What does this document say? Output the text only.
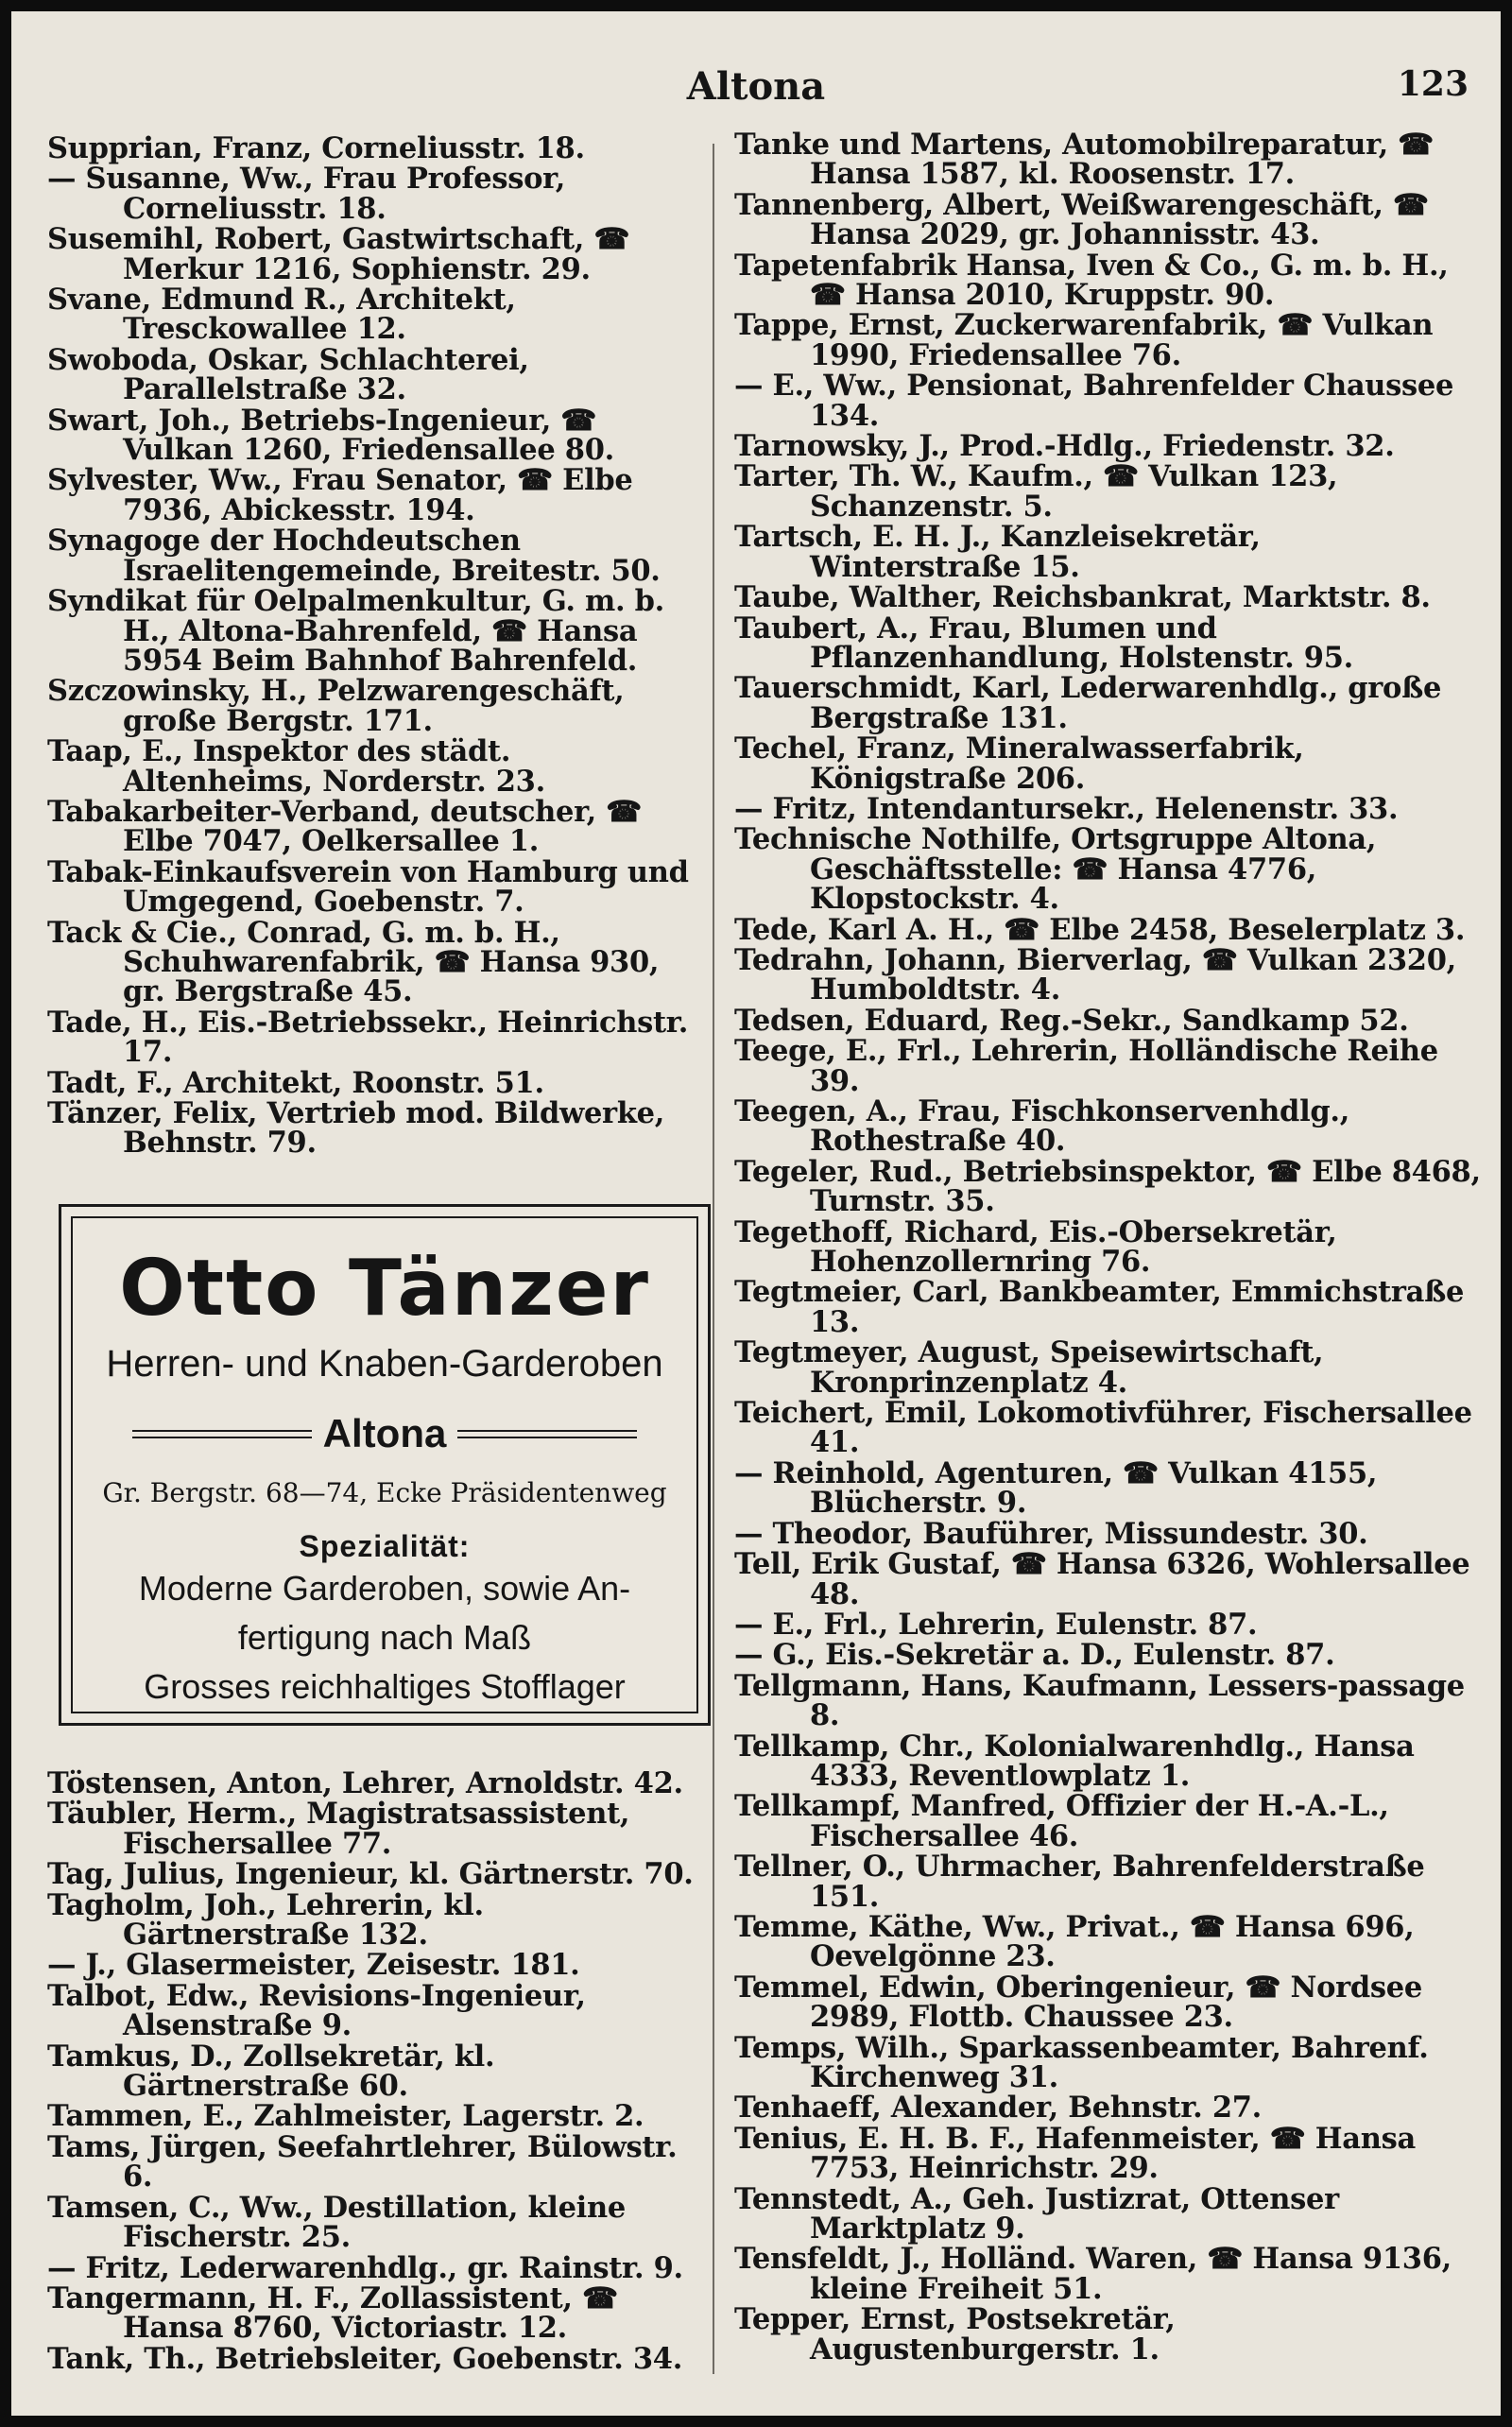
Altona	123
Supprian, Franz, Corneliusstr. 18.
— Susanne, Ww., Frau Professor, Corneliusstr. 18.
Susemihl, Robert, Gastwirtschaft, ☎ Merkur 1216, Sophienstr. 29.
Svane, Edmund R., Architekt, Tresckowallee 12.
Swoboda, Oskar, Schlachterei, Parallelstraße 32.
Swart, Joh., Betriebs-Ingenieur, ☎ Vulkan 1260, Friedensallee 80.
Sylvester, Ww., Frau Senator, ☎ Elbe 7936, Abickesstr. 194.
Synagoge der Hochdeutschen Israelitengemeinde, Breitestr. 50.
Syndikat für Oelpalmenkultur, G. m. b. H., Altona-Bahrenfeld, ☎ Hansa 5954 Beim Bahnhof Bahrenfeld.
Szczowinsky, H., Pelzwarengeschäft, große Bergstr. 171.
Taap, E., Inspektor des städt. Altenheims, Norderstr. 23.
Tabakarbeiter-Verband, deutscher, ☎ Elbe 7047, Oelkersallee 1.
Tabak-Einkaufsverein von Hamburg und Umgegend, Goebenstr. 7.
Tack & Cie., Conrad, G. m. b. H., Schuhwarenfabrik, ☎ Hansa 930, gr. Bergstraße 45.
Tade, H., Eis.-Betriebssekr., Heinrichstr. 17.
Tadt, F., Architekt, Roonstr. 51.
Tänzer, Felix, Vertrieb mod. Bildwerke, Behnstr. 79.
Otto Tänzer
Herren- und Knaben-Garderoben
Altona
Gr. Bergstr. 68—74, Ecke Präsidentenweg
Spezialität:
Moderne Garderoben, sowie An-
fertigung nach Maß
Grosses reichhaltiges Stofflager
Töstensen, Anton, Lehrer, Arnoldstr. 42.
Täubler, Herm., Magistratsassistent, Fischersallee 77.
Tag, Julius, Ingenieur, kl. Gärtnerstr. 70.
Tagholm, Joh., Lehrerin, kl. Gärtnerstraße 132.
— J., Glasermeister, Zeisestr. 181.
Talbot, Edw., Revisions-Ingenieur, Alsenstraße 9.
Tamkus, D., Zollsekretär, kl. Gärtnerstraße 60.
Tammen, E., Zahlmeister, Lagerstr. 2.
Tams, Jürgen, Seefahrtlehrer, Bülowstr. 6.
Tamsen, C., Ww., Destillation, kleine Fischerstr. 25.
— Fritz, Lederwarenhdlg., gr. Rainstr. 9.
Tangermann, H. F., Zollassistent, ☎ Hansa 8760, Victoriastr. 12.
Tank, Th., Betriebsleiter, Goebenstr. 34.
Tanke und Martens, Automobilreparatur, ☎ Hansa 1587, kl. Roosenstr. 17.
Tannenberg, Albert, Weißwarengeschäft, ☎ Hansa 2029, gr. Johannisstr. 43.
Tapetenfabrik Hansa, Iven & Co., G. m. b. H., ☎ Hansa 2010, Kruppstr. 90.
Tappe, Ernst, Zuckerwarenfabrik, ☎ Vulkan 1990, Friedensallee 76.
— E., Ww., Pensionat, Bahrenfelder Chaussee 134.
Tarnowsky, J., Prod.-Hdlg., Friedenstr. 32.
Tarter, Th. W., Kaufm., ☎ Vulkan 123, Schanzenstr. 5.
Tartsch, E. H. J., Kanzleisekretär, Winterstraße 15.
Taube, Walther, Reichsbankrat, Marktstr. 8.
Taubert, A., Frau, Blumen und Pflanzenhandlung, Holstenstr. 95.
Tauerschmidt, Karl, Lederwarenhdlg., große Bergstraße 131.
Techel, Franz, Mineralwasserfabrik, Königstraße 206.
— Fritz, Intendantursekr., Helenenstr. 33.
Technische Nothilfe, Ortsgruppe Altona, Geschäftsstelle: ☎ Hansa 4776, Klopstockstr. 4.
Tede, Karl A. H., ☎ Elbe 2458, Beselerplatz 3.
Tedrahn, Johann, Bierverlag, ☎ Vulkan 2320, Humboldtstr. 4.
Tedsen, Eduard, Reg.-Sekr., Sandkamp 52.
Teege, E., Frl., Lehrerin, Holländische Reihe 39.
Teegen, A., Frau, Fischkonservenhdlg., Rothestraße 40.
Tegeler, Rud., Betriebsinspektor, ☎ Elbe 8468, Turnstr. 35.
Tegethoff, Richard, Eis.-Obersekretär, Hohenzollernring 76.
Tegtmeier, Carl, Bankbeamter, Emmichstraße 13.
Tegtmeyer, August, Speisewirtschaft, Kronprinzenplatz 4.
Teichert, Emil, Lokomotivführer, Fischersallee 41.
— Reinhold, Agenturen, ☎ Vulkan 4155, Blücherstr. 9.
— Theodor, Bauführer, Missundestr. 30.
Tell, Erik Gustaf, ☎ Hansa 6326, Wohlersallee 48.
— E., Frl., Lehrerin, Eulenstr. 87.
— G., Eis.-Sekretär a. D., Eulenstr. 87.
Tellgmann, Hans, Kaufmann, Lessers-passage 8.
Tellkamp, Chr., Kolonialwarenhdlg., Hansa 4333, Reventlowplatz 1.
Tellkampf, Manfred, Offizier der H.-A.-L., Fischersallee 46.
Tellner, O., Uhrmacher, Bahrenfelderstraße 151.
Temme, Käthe, Ww., Privat., ☎ Hansa 696, Oevelgönne 23.
Temmel, Edwin, Oberingenieur, ☎ Nordsee 2989, Flottb. Chaussee 23.
Temps, Wilh., Sparkassenbeamter, Bahrenf. Kirchenweg 31.
Tenhaeff, Alexander, Behnstr. 27.
Tenius, E. H. B. F., Hafenmeister, ☎ Hansa 7753, Heinrichstr. 29.
Tennstedt, A., Geh. Justizrat, Ottenser Marktplatz 9.
Tensfeldt, J., Holländ. Waren, ☎ Hansa 9136, kleine Freiheit 51.
Tepper, Ernst, Postsekretär, Augustenburgerstr. 1.
